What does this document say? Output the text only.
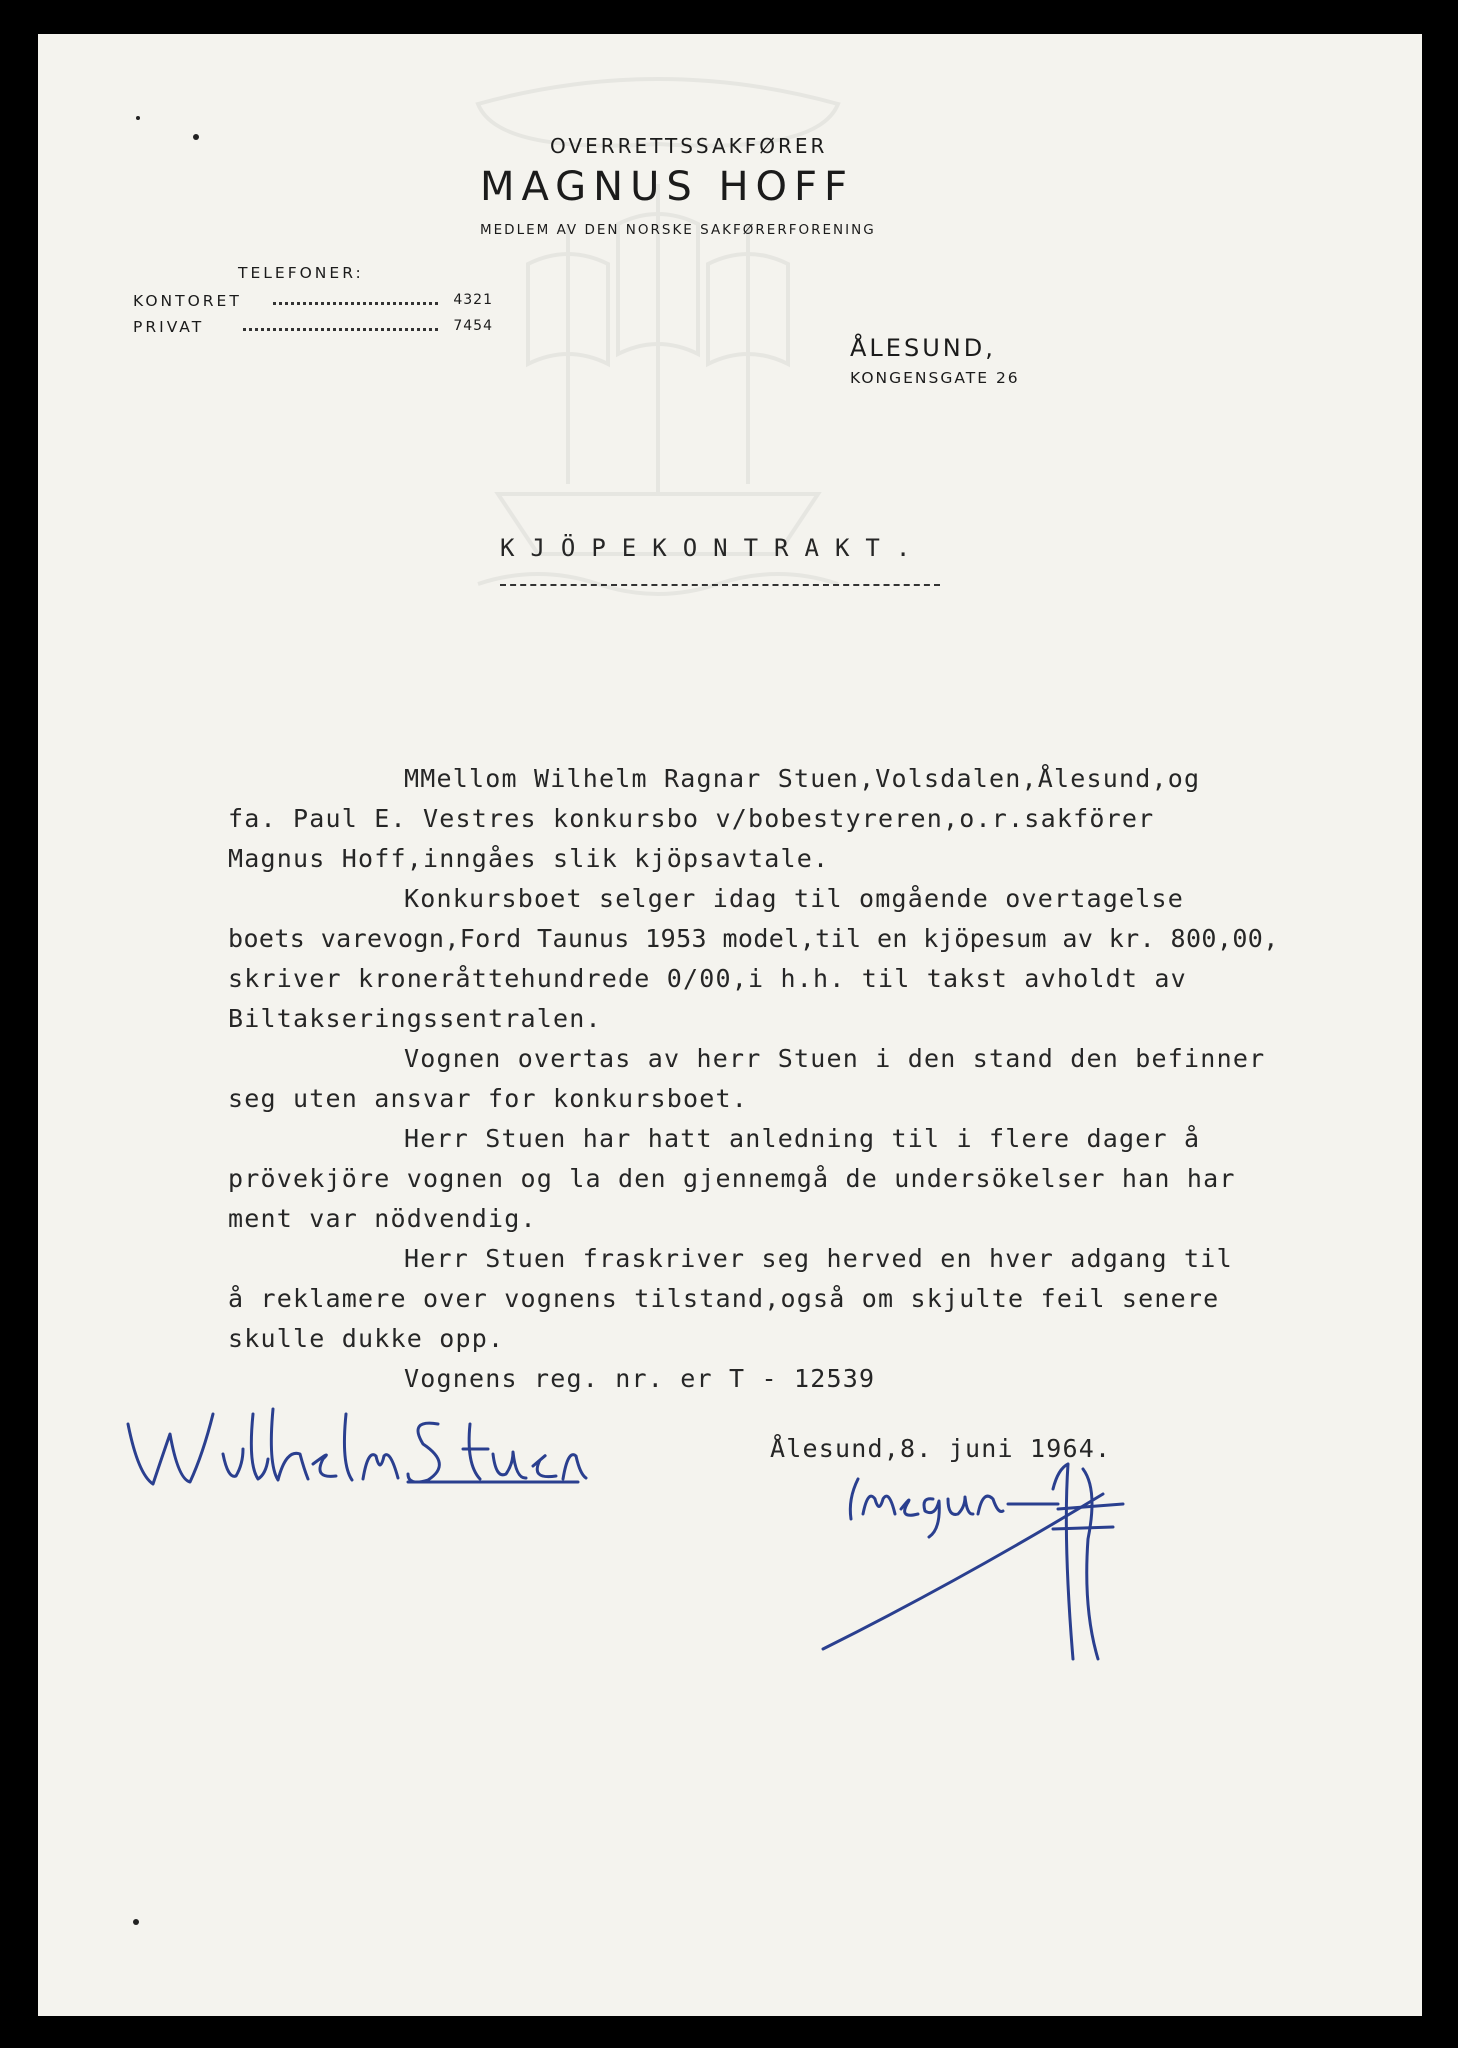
OVERRETTSSAKFØRER
MAGNUS HOFF
MEDLEM AV DEN NORSKE SAKFØRERFORENING
TELEFONER:
KONTORET	4321
PRIVAT	7454
ÅLESUND,
KONGENSGATE 26
KJÖPEKONTRAKT.
MMellom Wilhelm Ragnar Stuen,Volsdalen,Ålesund,og
fa. Paul E. Vestres konkursbo v/bobestyreren,o.r.sakförer
Magnus Hoff,inngåes slik kjöpsavtale.
Konkursboet selger idag til omgående overtagelse
boets varevogn,Ford Taunus 1953 model,til en kjöpesum av kr. 800,00,
skriver kroneråttehundrede 0/00,i h.h. til takst avholdt av
Biltakseringssentralen.
Vognen overtas av herr Stuen i den stand den befinner
seg uten ansvar for konkursboet.
Herr Stuen har hatt anledning til i flere dager å
prövekjöre vognen og la den gjennemgå de undersökelser han har
ment var nödvendig.
Herr Stuen fraskriver seg herved en hver adgang til
å reklamere over vognens tilstand,også om skjulte feil senere
skulle dukke opp.
Vognens reg. nr. er T - 12539
Ålesund,8. juni 1964.
